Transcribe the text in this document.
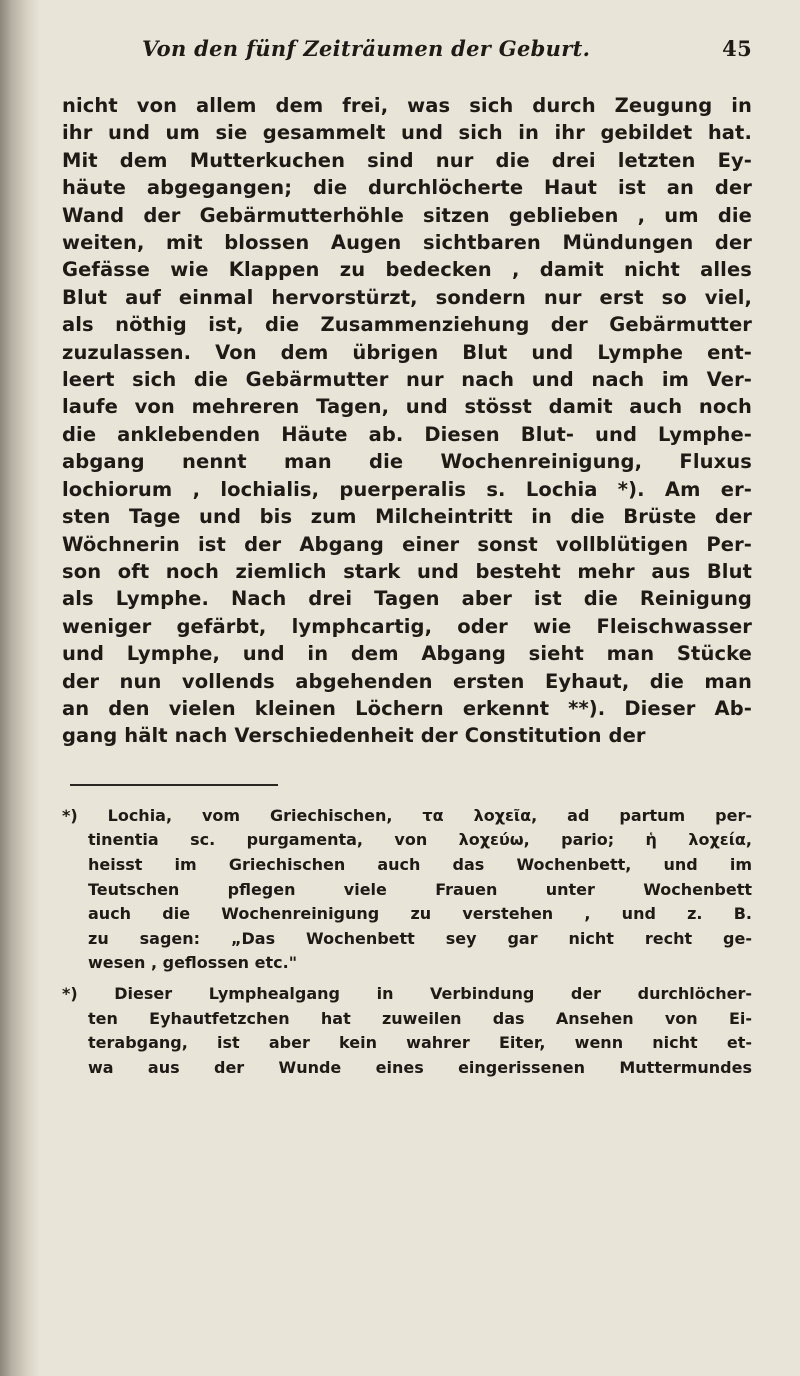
Von den fünf Zeiträumen der Geburt.	45
nicht von allem dem frei, was sich durch Zeugung in
ihr und um sie gesammelt und sich in ihr gebildet hat.
Mit dem Mutterkuchen sind nur die drei letzten Ey-
häute abgegangen; die durchlöcherte Haut ist an der
Wand der Gebärmutterhöhle sitzen geblieben , um die
weiten, mit blossen Augen sichtbaren Mündungen der
Gefässe wie Klappen zu bedecken , damit nicht alles
Blut auf einmal hervorstürzt, sondern nur erst so viel,
als nöthig ist, die Zusammenziehung der Gebärmutter
zuzulassen. Von dem übrigen Blut und Lymphe ent-
leert sich die Gebärmutter nur nach und nach im Ver-
laufe von mehreren Tagen, und stösst damit auch noch
die anklebenden Häute ab. Diesen Blut- und Lymphe-
abgang nennt man die Wochenreinigung, Fluxus
lochiorum , lochialis, puerperalis s. Lochia *). Am er-
sten Tage und bis zum Milcheintritt in die Brüste der
Wöchnerin ist der Abgang einer sonst vollblütigen Per-
son oft noch ziemlich stark und besteht mehr aus Blut
als Lymphe. Nach drei Tagen aber ist die Reinigung
weniger gefärbt, lymphcartig, oder wie Fleischwasser
und Lymphe, und in dem Abgang sieht man Stücke
der nun vollends abgehenden ersten Eyhaut, die man
an den vielen kleinen Löchern erkennt **). Dieser Ab-
gang hält nach Verschiedenheit der Constitution der
*) Lochia, vom Griechischen, τα λοχεῖα, ad partum per-
tinentia sc. purgamenta, von λοχεύω, pario; ἡ λοχεία,
heisst im Griechischen auch das Wochenbett, und im
Teutschen pflegen viele Frauen unter Wochenbett
auch die Wochenreinigung zu verstehen , und z. B.
zu sagen: „Das Wochenbett sey gar nicht recht ge-
wesen , geflossen etc."
*) Dieser Lymphealgang in Verbindung der durchlöcher-
ten Eyhautfetzchen hat zuweilen das Ansehen von Ei-
terabgang, ist aber kein wahrer Eiter, wenn nicht et-
wa aus der Wunde eines eingerissenen Muttermundes
